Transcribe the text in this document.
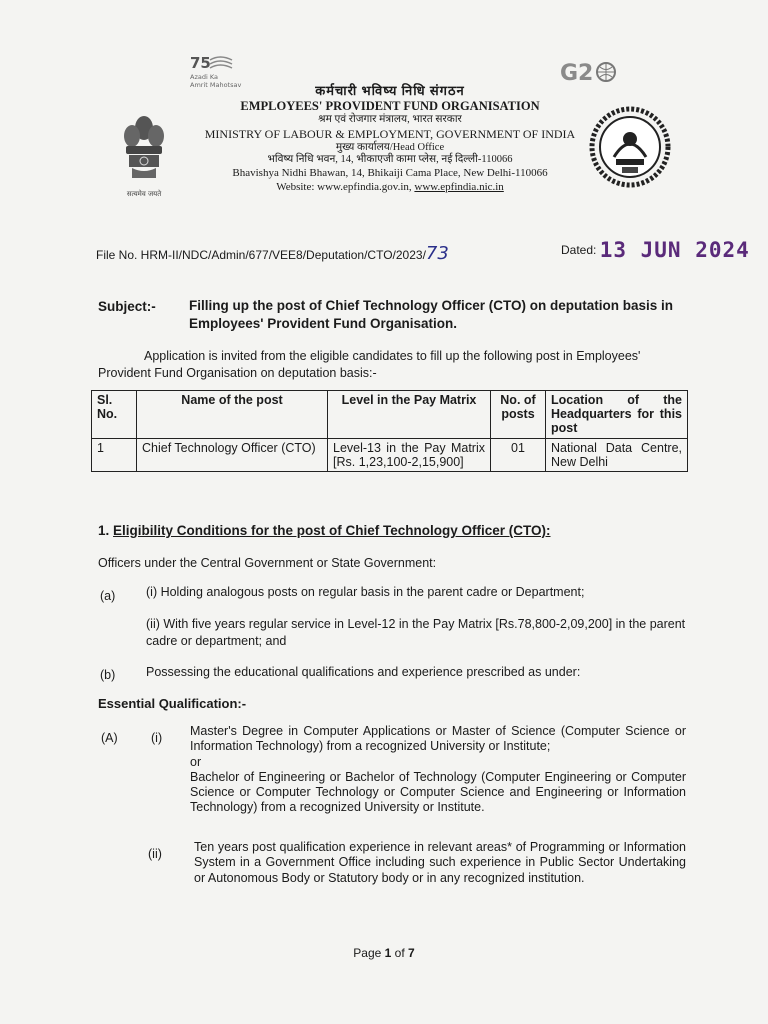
75
Azadi Ka
Amrit Mahotsav	G2
सत्यमेव जयते
कर्मचारी भविष्य निधि संगठन
EMPLOYEES' PROVIDENT FUND ORGANISATION
श्रम एवं रोजगार मंत्रालय, भारत सरकार
MINISTRY OF LABOUR & EMPLOYMENT, GOVERNMENT OF INDIA
मुख्य कार्यालय/Head Office
भविष्य निधि भवन, 14, भीकाएजी कामा प्लेस, नई दिल्ली-110066
Bhavishya Nidhi Bhawan, 14, Bhikaiji Cama Place, New Delhi-110066
Website: www.epfindia.gov.in, www.epfindia.nic.in
File No. HRM-II/NDC/Admin/677/VEE8/Deputation/CTO/2023/73	Dated: 13 JUN 2024
Subject:- Filling up the post of Chief Technology Officer (CTO) on deputation basis in Employees' Provident Fund Organisation.
Application is invited from the eligible candidates to fill up the following post in Employees' Provident Fund Organisation on deputation basis:-
Sl. No.	Name of the post	Level in the Pay Matrix	No. of posts	Location of the Headquarters for this post
1	Chief Technology Officer (CTO)	Level-13 in the Pay Matrix [Rs. 1,23,100-2,15,900]	01	National Data Centre, New Delhi
1. Eligibility Conditions for the post of Chief Technology Officer (CTO):
Officers under the Central Government or State Government:
(a) (i) Holding analogous posts on regular basis in the parent cadre or Department;
(ii) With five years regular service in Level-12 in the Pay Matrix [Rs.78,800-2,09,200] in the parent cadre or department; and
(b) Possessing the educational qualifications and experience prescribed as under:
Essential Qualification:-
(A)	(i) Master's Degree in Computer Applications or Master of Science (Computer Science or Information Technology) from a recognized University or Institute;
or
Bachelor of Engineering or Bachelor of Technology (Computer Engineering or Computer Science or Computer Technology or Computer Science and Engineering or Information Technology) from a recognized University or Institute.
(ii)	Ten years post qualification experience in relevant areas* of Programming or Information System in a Government Office including such experience in Public Sector Undertaking or Autonomous Body or Statutory body or in any recognized institution.
Page 1 of 7
